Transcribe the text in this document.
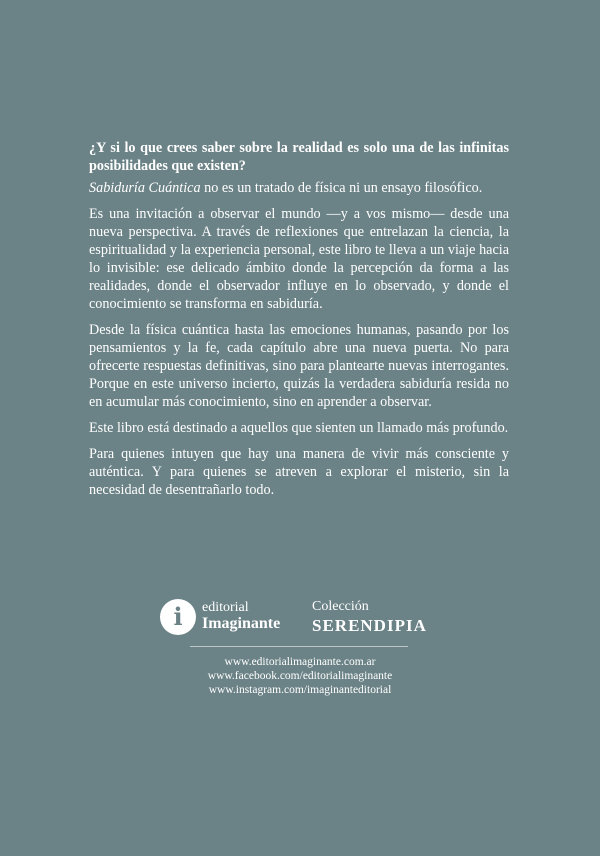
¿Y si lo que crees saber sobre la realidad es solo una de las infinitas posibilidades que existen?

Sabiduría Cuántica no es un tratado de física ni un ensayo filosófico.

Es una invitación a observar el mundo —y a vos mismo— desde una nueva perspectiva. A través de reflexiones que entrelazan la ciencia, la espiritualidad y la experiencia personal, este libro te lleva a un viaje hacia lo invisible: ese delicado ámbito donde la percepción da forma a las realidades, donde el observador influye en lo observado, y donde el conocimiento se transforma en sabiduría.

Desde la física cuántica hasta las emociones humanas, pasando por los pensamientos y la fe, cada capítulo abre una nueva puerta. No para ofrecerte respuestas definitivas, sino para plantearte nuevas interrogantes. Porque en este universo incierto, quizás la verdadera sabiduría resida no en acumular más conocimiento, sino en aprender a observar.

Este libro está destinado a aquellos que sienten un llamado más profundo.

Para quienes intuyen que hay una manera de vivir más consciente y auténtica. Y para quienes se atreven a explorar el misterio, sin la necesidad de desentrañarlo todo.

i	editorial
Imaginante
Colección
SERENDIPIA
www.editorialimaginante.com.ar
www.facebook.com/editorialimaginante
www.instagram.com/imaginanteditorial
